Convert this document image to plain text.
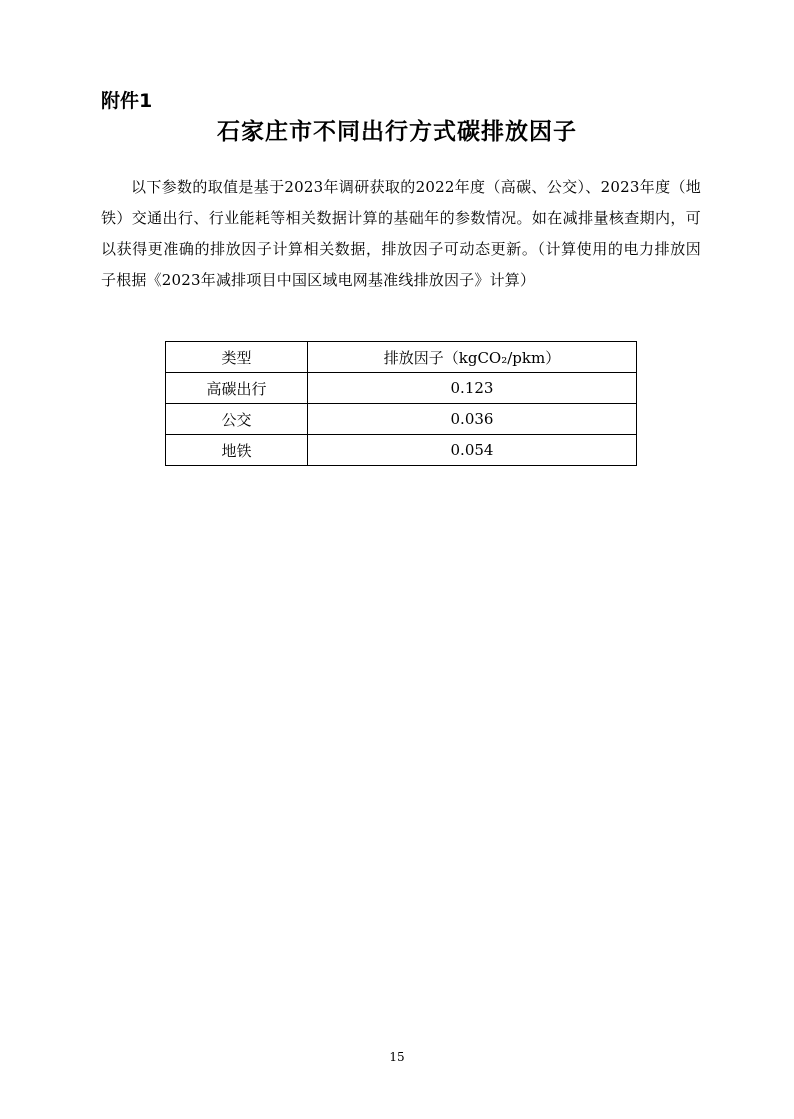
附件1
石家庄市不同出行方式碳排放因子

以下参数的取值是基于2023年调研获取的2022年度（高碳、公交）、2023年度（地铁）交通出行、行业能耗等相关数据计算的基础年的参数情况。如在减排量核查期内，可以获得更准确的排放因子计算相关数据，排放因子可动态更新。（计算使用的电力排放因子根据《2023年减排项目中国区域电网基准线排放因子》计算）

类型	排放因子（kgCO₂/pkm）
高碳出行	0.123
公交	0.036
地铁	0.054
15
